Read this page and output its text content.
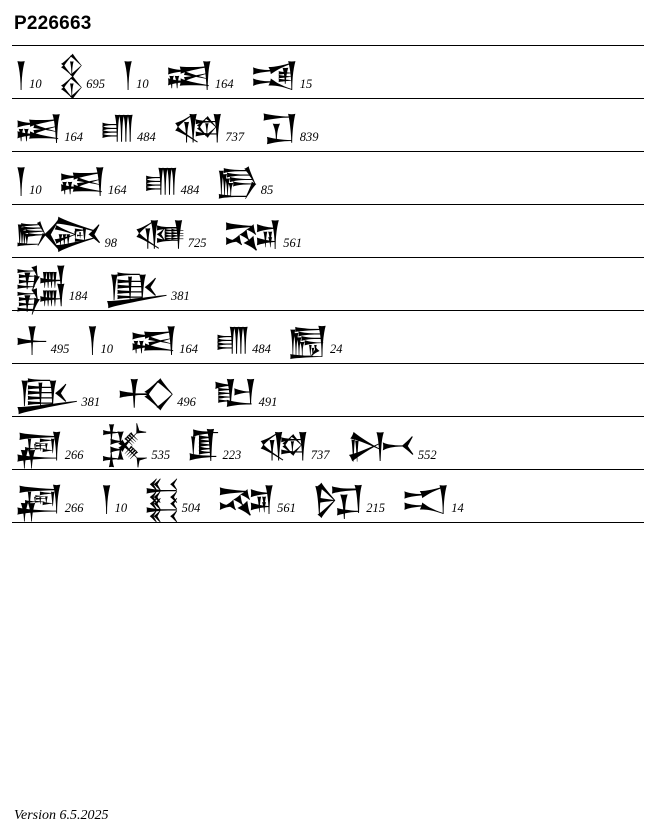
P226663
𒁹 10 𒉭 695 𒁹 10 𒀜 164 𒀋 15
𒀜 164 𒈛 484 𒊣 737 𒋛 839
𒁹 10 𒀜 164 𒈛 484 𒁖 85
𒁢 98 𒊝 725 𒉉 561
𒂌 184 𒆥 381
𒈦 495 𒁹 10 𒀜 164 𒈛 484 𒂏 24
𒆥 381 𒈧 496 𒈢 491
𒃀 266 𒈸 535 𒂠 223 𒊣 737 𒉄 552
𒃀 266 𒁹 10 𒈭 504 𒉉 561 𒂖 215 𒀊 14
Version 6.5.2025
